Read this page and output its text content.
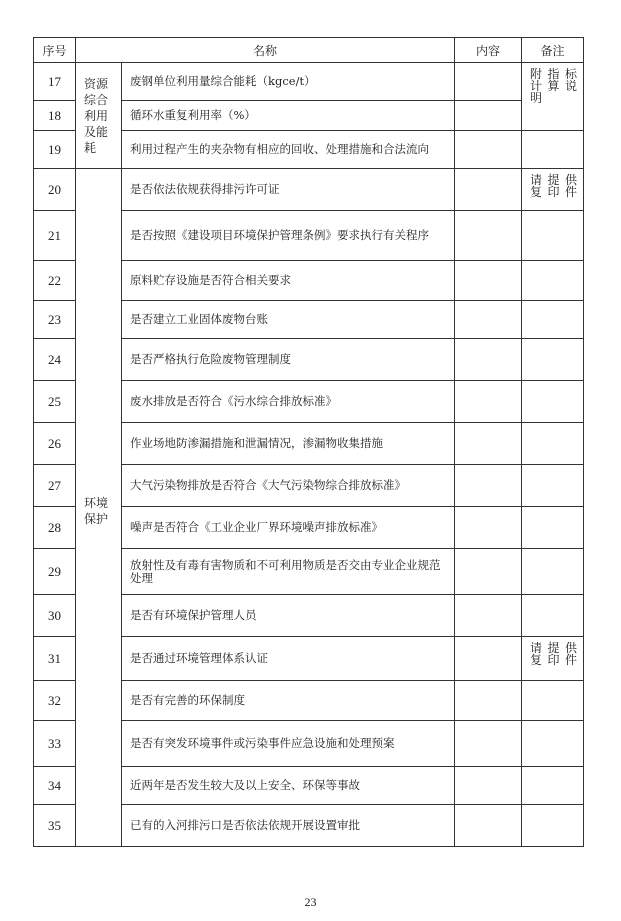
序号	名称		内容	备注
17	资源综合利用及能耗	废钢单位利用量综合能耗（kgce/t）		附指标计算说明
18		循环水重复利用率（%）		
19		利用过程产生的夹杂物有相应的回收、处理措施和合法流向		
20	环境保护	是否依法依规获得排污许可证		请提供复印件
21		是否按照《建设项目环境保护管理条例》要求执行有关程序		
22		原料贮存设施是否符合相关要求		
23		是否建立工业固体废物台账		
24		是否严格执行危险废物管理制度		
25		废水排放是否符合《污水综合排放标准》		
26		作业场地防渗漏措施和泄漏情况，渗漏物收集措施		
27		大气污染物排放是否符合《大气污染物综合排放标准》		
28		噪声是否符合《工业企业厂界环境噪声排放标准》		
29		放射性及有毒有害物质和不可利用物质是否交由专业企业规范处理		
30		是否有环境保护管理人员		
31		是否通过环境管理体系认证		请提供复印件
32		是否有完善的环保制度		
33		是否有突发环境事件或污染事件应急设施和处理预案		
34		近两年是否发生较大及以上安全、环保等事故		
35		已有的入河排污口是否依法依规开展设置审批		
23
